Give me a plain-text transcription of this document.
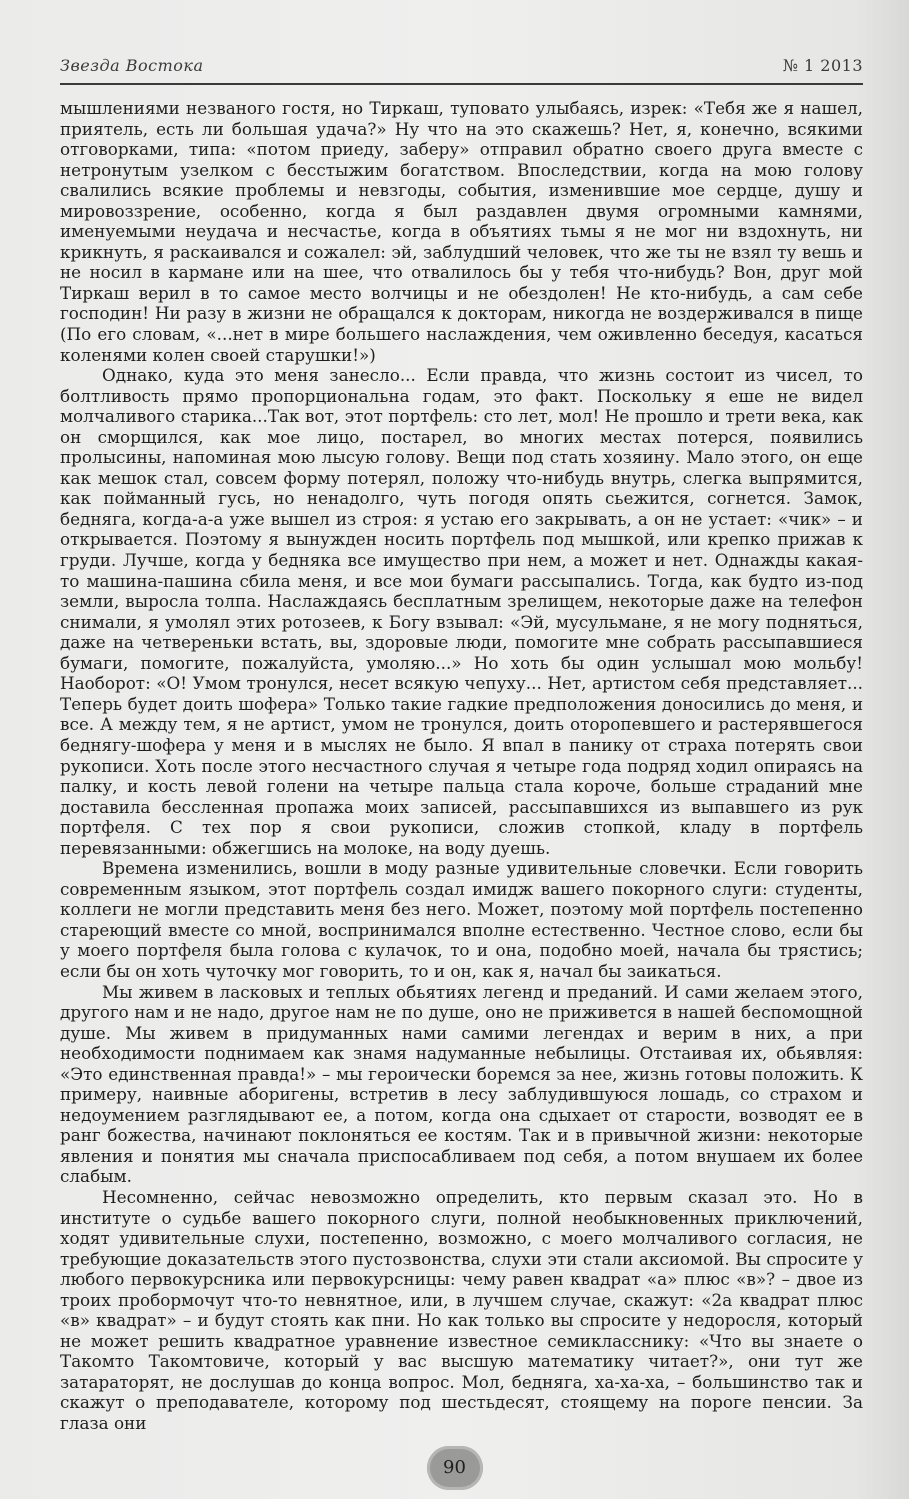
Звезда Востока	№ 1 2013

мышлениями незваного гостя, но Тиркаш, туповато улыбаясь, изрек: «Тебя же я нашел, приятель, есть ли большая удача?» Ну что на это скажешь? Нет, я, конечно, всякими отговорками, типа: «потом приеду, заберу» отправил обратно своего друга вместе с нетронутым узелком с бесстыжим богатством. Впоследствии, когда на мою голову свалились всякие проблемы и невзгоды, события, изменившие мое сердце, душу и мировоззрение, особенно, когда я был раздавлен двумя огромными камнями, именуемыми неудача и несчастье, когда в объятиях тьмы я не мог ни вздохнуть, ни крикнуть, я раскаивался и сожалел: эй, заблудший человек, что же ты не взял ту вешь и не носил в кармане или на шее, что отвалилось бы у тебя что-нибудь? Вон, друг мой Тиркаш верил в то самое место волчицы и не обездолен! Не кто-нибудь, а сам себе господин! Ни разу в жизни не обращался к докторам, никогда не воздерживался в пище (По его словам, «...нет в мире большего наслаждения, чем оживленно беседуя, касаться коленями колен своей старушки!»)

Однако, куда это меня занесло... Если правда, что жизнь состоит из чисел, то болтливость прямо пропорциональна годам, это факт. Поскольку я еше не видел молчаливого старика...Так вот, этот портфель: сто лет, мол! Не прошло и трети века, как он сморщился, как мое лицо, постарел, во многих местах потерся, появились пролысины, напоминая мою лысую голову. Вещи под стать хозяину. Мало этого, он еще как мешок стал, совсем форму потерял, положу что-нибудь внутрь, слегка выпрямится, как пойманный гусь, но ненадолго, чуть погодя опять сьежится, согнется. Замок, бедняга, когда-а-а уже вышел из строя: я устаю его закрывать, а он не устает: «чик» – и открывается. Поэтому я вынужден носить портфель под мышкой, или крепко прижав к груди. Лучше, когда у бедняка все имущество при нем, а может и нет. Однажды какая-то машина-пашина сбила меня, и все мои бумаги рассыпались. Тогда, как будто из-под земли, выросла толпа. Наслаждаясь бесплатным зрелищем, некоторые даже на телефон снимали, я умолял этих ротозеев, к Богу взывал: «Эй, мусульмане, я не могу подняться, даже на четвереньки встать, вы, здоровые люди, помогите мне собрать рассыпавшиеся бумаги, помогите, пожалуйста, умоляю...» Но хоть бы один услышал мою мольбу! Наоборот: «О! Умом тронулся, несет всякую чепуху... Нет, артистом себя представляет... Теперь будет доить шофера» Только такие гадкие предположения доносились до меня, и все. А между тем, я не артист, умом не тронулся, доить оторопевшего и растерявшегося беднягу-шофера у меня и в мыслях не было. Я впал в панику от страха потерять свои рукописи. Хоть после этого несчастного случая я четыре года подряд ходил опираясь на палку, и кость левой голени на четыре пальца стала короче, больше страданий мне доставила бессленная пропажа моих записей, рассыпавшихся из выпавшего из рук портфеля. С тех пор я свои рукописи, сложив стопкой, кладу в портфель перевязанными: обжегшись на молоке, на воду дуешь.

Времена изменились, вошли в моду разные удивительные словечки. Если говорить современным языком, этот портфель создал имидж вашего покорного слуги: студенты, коллеги не могли представить меня без него. Может, поэтому мой портфель постепенно стареющий вместе со мной, воспринимался вполне естественно. Честное слово, если бы у моего портфеля была голова с кулачок, то и она, подобно моей, начала бы трястись; если бы он хоть чуточку мог говорить, то и он, как я, начал бы заикаться.

Мы живем в ласковых и теплых обьятиях легенд и преданий. И сами желаем этого, другого нам и не надо, другое нам не по душе, оно не приживется в нашей беспомощной душе. Мы живем в придуманных нами самими легендах и верим в них, а при необходимости поднимаем как знамя надуманные небылицы. Отстаивая их, обьявляя: «Это единственная правда!» – мы героически боремся за нее, жизнь готовы положить. К примеру, наивные аборигены, встретив в лесу заблудившуюся лошадь, со страхом и недоумением разглядывают ее, а потом, когда она сдыхает от старости, возводят ее в ранг божества, начинают поклоняться ее костям. Так и в привычной жизни: некоторые явления и понятия мы сначала приспосабливаем под себя, а потом внушаем их более слабым.

Несомненно, сейчас невозможно определить, кто первым сказал это. Но в институте о судьбе вашего покорного слуги, полной необыкновенных приключений, ходят удивительные слухи, постепенно, возможно, с моего молчаливого согласия, не требующие доказательств этого пустозвонства, слухи эти стали аксиомой. Вы спросите у любого первокурсника или первокурсницы: чему равен квадрат «а» плюс «в»? – двое из троих пробормочут что-то невнятное, или, в лучшем случае, скажут: «2а квадрат плюс «в» квадрат» – и будут стоять как пни. Но как только вы спросите у недоросля, который не может решить квадратное уравнение известное семикласснику: «Что вы знаете о Такомто Такомтовиче, который у вас высшую математику читает?», они тут же затараторят, не дослушав до конца вопрос. Мол, бедняга, ха-ха-ха, – большинство так и скажут о преподавателе, которому под шестьдесят, стоящему на пороге пенсии. За глаза они

90
